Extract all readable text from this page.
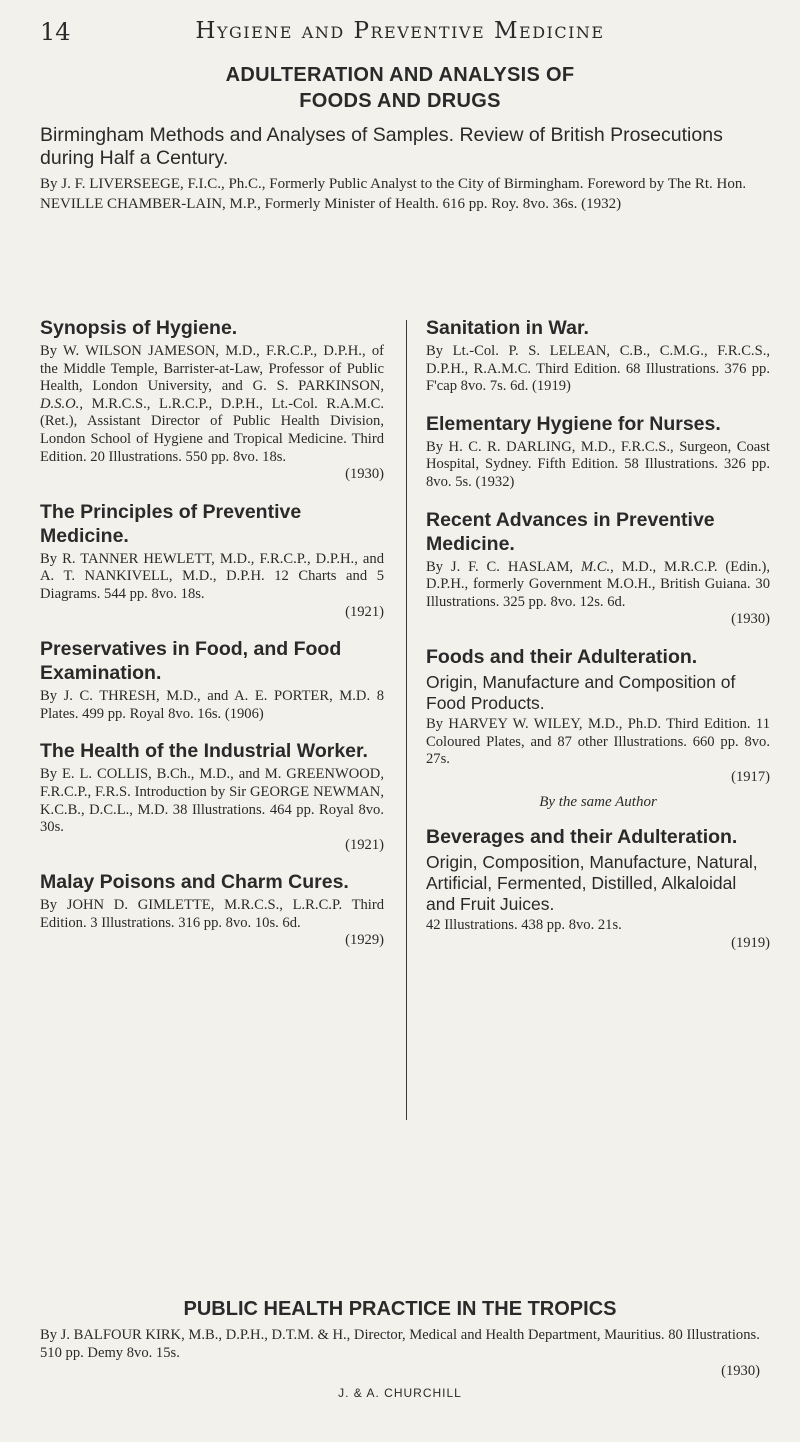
14	Hygiene and Preventive Medicine

ADULTERATION AND ANALYSIS OF

FOODS AND DRUGS

Birmingham Methods and Analyses of Samples. Review of British Prosecutions during Half a Century.

By J. F. LIVERSEEGE, F.I.C., Ph.C., Formerly Public Analyst to the City of Birmingham. Foreword by The Rt. Hon. NEVILLE CHAMBER-LAIN, M.P., Formerly Minister of Health. 616 pp. Roy. 8vo. 36s. (1932)

Synopsis of Hygiene.

By W. WILSON JAMESON, M.D., F.R.C.P., D.P.H., of the Middle Temple, Barrister-at-Law, Professor of Public Health, London University, and G. S. PARKINSON, D.S.O., M.R.C.S., L.R.C.P., D.P.H., Lt.-Col. R.A.M.C. (Ret.), Assistant Director of Public Health Division, London School of Hygiene and Tropical Medicine. Third Edition. 20 Illustrations. 550 pp. 8vo. 18s.
(1930)

The Principles of Preventive Medicine.

By R. TANNER HEWLETT, M.D., F.R.C.P., D.P.H., and A. T. NANKIVELL, M.D., D.P.H. 12 Charts and 5 Diagrams. 544 pp. 8vo. 18s.
(1921)

Preservatives in Food, and Food Examination.

By J. C. THRESH, M.D., and A. E. PORTER, M.D. 8 Plates. 499 pp. Royal 8vo. 16s. (1906)

The Health of the Industrial Worker.

By E. L. COLLIS, B.Ch., M.D., and M. GREENWOOD, F.R.C.P., F.R.S. Introduction by Sir GEORGE NEWMAN, K.C.B., D.C.L., M.D. 38 Illustrations. 464 pp. Royal 8vo. 30s.
(1921)

Malay Poisons and Charm Cures.

By JOHN D. GIMLETTE, M.R.C.S., L.R.C.P. Third Edition. 3 Illustrations. 316 pp. 8vo. 10s. 6d.
(1929)

Sanitation in War.

By Lt.-Col. P. S. LELEAN, C.B., C.M.G., F.R.C.S., D.P.H., R.A.M.C. Third Edition. 68 Illustrations. 376 pp. F'cap 8vo. 7s. 6d. (1919)

Elementary Hygiene for Nurses.

By H. C. R. DARLING, M.D., F.R.C.S., Surgeon, Coast Hospital, Sydney. Fifth Edition. 58 Illustrations. 326 pp. 8vo. 5s. (1932)

Recent Advances in Preventive Medicine.

By J. F. C. HASLAM, M.C., M.D., M.R.C.P. (Edin.), D.P.H., formerly Government M.O.H., British Guiana. 30 Illustrations. 325 pp. 8vo. 12s. 6d.
(1930)

Foods and their Adulteration.

Origin, Manufacture and Composition of Food Products.

By HARVEY W. WILEY, M.D., Ph.D. Third Edition. 11 Coloured Plates, and 87 other Illustrations. 660 pp. 8vo. 27s.
(1917)

By the same Author

Beverages and their Adulteration.

Origin, Composition, Manufacture, Natural, Artificial, Fermented, Distilled, Alkaloidal and Fruit Juices.

42 Illustrations. 438 pp. 8vo. 21s.
(1919)

PUBLIC HEALTH PRACTICE IN THE TROPICS

By J. BALFOUR KIRK, M.B., D.P.H., D.T.M. & H., Director, Medical and Health Department, Mauritius. 80 Illustrations. 510 pp. Demy 8vo. 15s.
(1930)

J. & A. CHURCHILL
